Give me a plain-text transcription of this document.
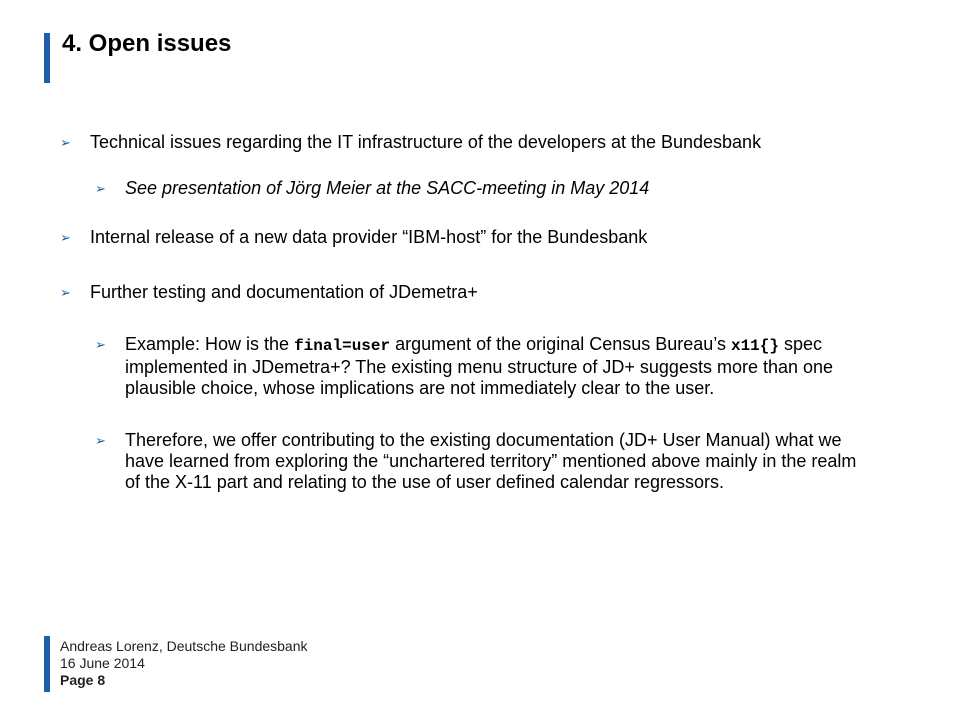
4. Open issues
➢	Technical issues regarding the IT infrastructure of the developers at the Bundesbank
➢	See presentation of Jörg Meier at the SACC-meeting in May 2014
➢	Internal release of a new data provider “IBM-host” for the Bundesbank
➢	Further testing and documentation of JDemetra+
➢	Example: How is the final=user argument of the original Census Bureau’s x11{} spec implemented in JDemetra+? The existing menu structure of JD+ suggests more than one plausible choice, whose implications are not immediately clear to the user.
➢	Therefore, we offer contributing to the existing documentation (JD+ User Manual) what we have learned from exploring the “unchartered territory” mentioned above mainly in the realm of the X-11 part and relating to the use of user defined calendar regressors.
Andreas Lorenz, Deutsche Bundesbank
16 June 2014
Page 8
